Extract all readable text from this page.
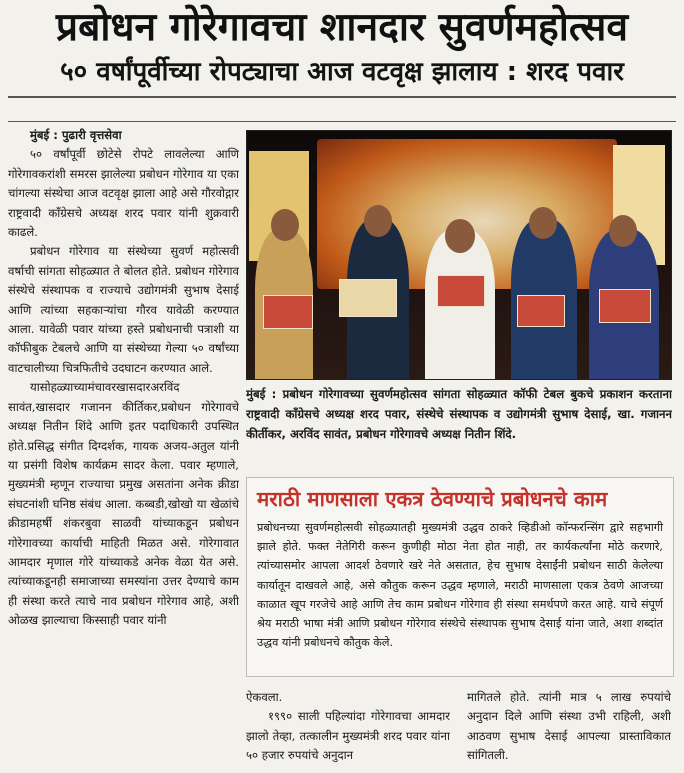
प्रबोधन गोरेगावचा शानदार सुवर्णमहोत्सव
५० वर्षांपूर्वीच्या रोपट्याचा आज वटवृक्ष झालाय : शरद पवार

मुंबई : पुढारी वृत्तसेवा

५० वर्षांपूर्वी छोटेसे रोपटे लावलेल्या आणि गोरेगावकरांशी समरस झालेल्या प्रबोधन गोरेगाव या एका चांगल्या संस्थेचा आज वटवृक्ष झाला आहे असे गौरवोद्गार राष्ट्रवादी काँग्रेसचे अध्यक्ष शरद पवार यांनी शुक्रवारी काढले.

प्रबोधन गोरेगाव या संस्थेच्या सुवर्ण महोत्सवी वर्षाची सांगता सोहळ्यात ते बोलत होते. प्रबोधन गोरेगाव संस्थेचे संस्थापक व राज्याचे उद्योगमंत्री सुभाष देसाई आणि त्यांच्या सहकाऱ्यांचा गौरव यावेळी करण्यात आला. यावेळी पवार यांच्या हस्ते प्रबोधनाची पत्राशी या कॉफीबुक टेबलचे आणि या संस्थेच्या गेल्या ५० वर्षांच्या वाटचालीच्या चित्रफितीचे उदघाटन करण्यात आले.

यासोहळ्याच्यामंचावरखासदारअरविंद सावंत,खासदार गजानन कीर्तिकर,प्रबोधन गोरेगावचे अध्यक्ष नितीन शिंदे आणि इतर पदाधिकारी उपस्थित होते.प्रसिद्ध संगीत दिग्दर्शक, गायक अजय-अतुल यांनी या प्रसंगी विशेष कार्यक्रम सादर केला. पवार म्हणाले, मुख्यमंत्री म्हणून राज्याचा प्रमुख असतांना अनेक क्रीडा संघटनांशी घनिष्ठ संबंध आला. कब्बडी,खोखो या खेळांचे क्रीडामहर्षी शंकरबुवा साळवी यांच्याकडून प्रबोधन गोरेगावच्या कार्याची माहिती मिळत असे. गोरेगावात आमदार मृणाल गोरे यांच्याकडे अनेक वेळा येत असे. त्यांच्याकडूनही समाजाच्या समस्यांना उत्तर देण्याचे काम ही संस्था करते त्याचे नाव प्रबोधन गोरेगाव आहे, अशी ओळख झाल्याचा किस्साही पवार यांनी

मुंबई : प्रबोधन गोरेगावच्या सुवर्णमहोत्सव सांगता सोहळ्यात कॉफी टेबल बुकचे प्रकाशन करताना राष्ट्रवादी काँग्रेसचे अध्यक्ष शरद पवार, संस्थेचे संस्थापक व उद्योगमंत्री सुभाष देसाई, खा. गजानन कीर्तीकर, अरविंद सावंत, प्रबोधन गोरेगावचे अध्यक्ष नितीन शिंदे.
मराठी माणसाला एकत्र ठेवण्याचे प्रबोधनचे काम
प्रबोधनच्या सुवर्णमहोत्सवी सोहळ्यातही मुख्यमंत्री उद्धव ठाकरे व्हिडीओ कॉन्फरन्सिंग द्वारे सहभागी झाले होते. फक्त नेतेगिरी करून कुणीही मोठा नेता होत नाही, तर कार्यकर्त्यांना मोठे करणारे, त्यांच्यासमोर आपला आदर्श ठेवणारे खरे नेते असतात, हेच सुभाष देसाईंनी प्रबोधन साठी केलेल्या कार्यातून दाखवले आहे, असे कौतुक करून उद्धव म्हणाले, मराठी माणसाला एकत्र ठेवणे आजच्या काळात खूप गरजेचे आहे आणि तेच काम प्रबोधन गोरेगाव ही संस्था समर्थपणे करत आहे. याचे संपूर्ण श्रेय मराठी भाषा मंत्री आणि प्रबोधन गोरेगाव संस्थेचे संस्थापक सुभाष देसाई यांना जाते, अशा शब्दांत उद्धव यांनी प्रबोधनचे कौतुक केले.

ऐकवला.

१९९० साली पहिल्यांदा गोरेगावचा आमदार झालो तेव्हा, तत्कालीन मुख्यमंत्री शरद पवार यांना ५० हजार रुपयांचे अनुदान

मागितले होते. त्यांनी मात्र ५ लाख रुपयांचे अनुदान दिले आणि संस्था उभी राहिली, अशी आठवण सुभाष देसाई आपल्या प्रास्ताविकात सांगितली.
